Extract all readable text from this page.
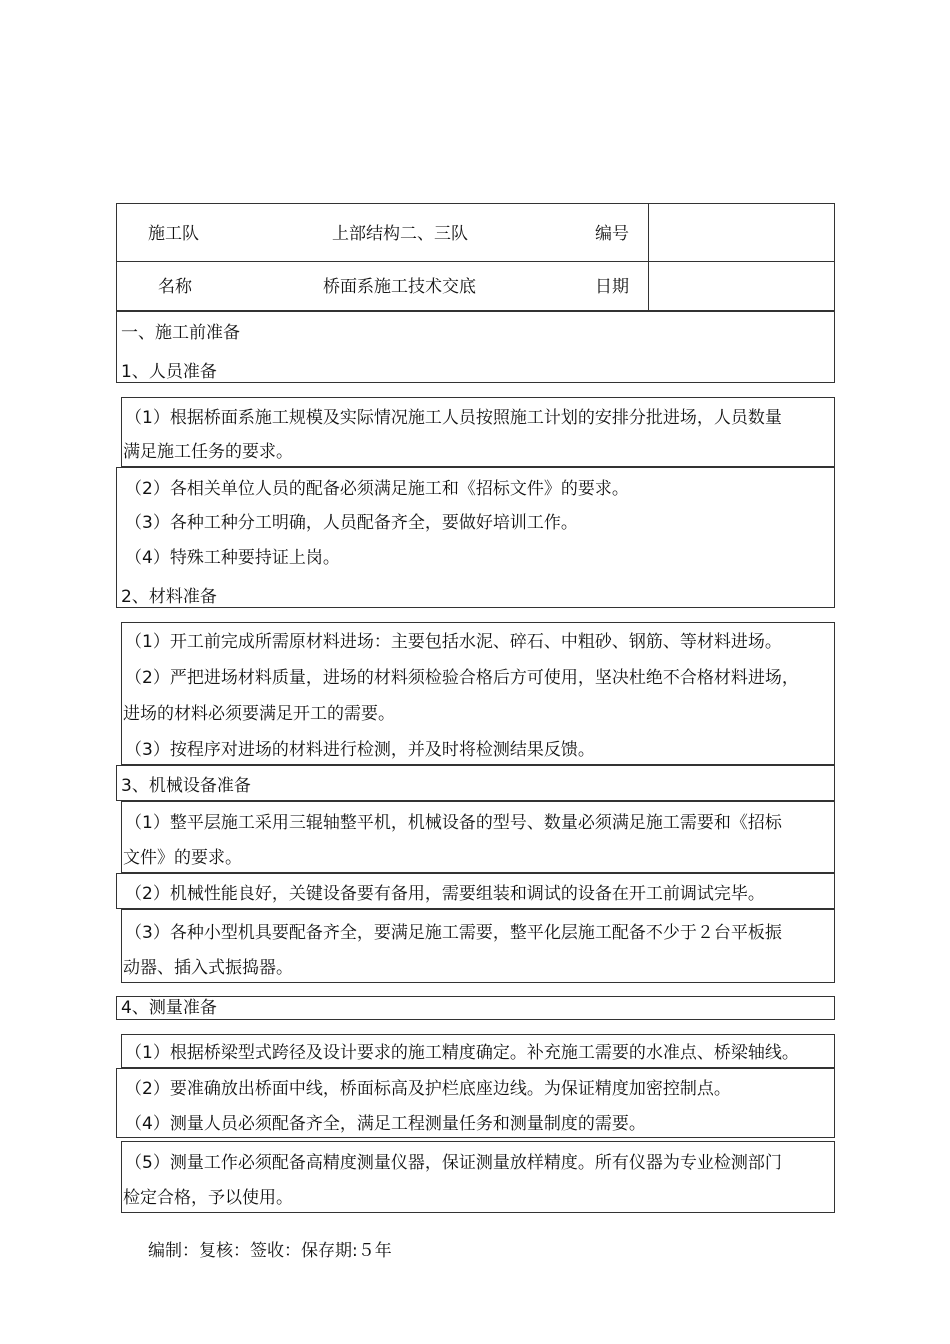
施工队	上部结构二、三队	编号
名称	桥面系施工技术交底	日期
一、施工前准备
1、人员准备
（1）根据桥面系施工规模及实际情况施工人员按照施工计划的安排分批进场，人员数量
满足施工任务的要求。
（2）各相关单位人员的配备必须满足施工和《招标文件》的要求。
（3）各种工种分工明确，人员配备齐全，要做好培训工作。
（4）特殊工种要持证上岗。
2、材料准备
（1）开工前完成所需原材料进场：主要包括水泥、碎石、中粗砂、钢筋、等材料进场。
（2）严把进场材料质量，进场的材料须检验合格后方可使用，坚决杜绝不合格材料进场，
进场的材料必须要满足开工的需要。
（3）按程序对进场的材料进行检测，并及时将检测结果反馈。
3、机械设备准备
（1）整平层施工采用三辊轴整平机，机械设备的型号、数量必须满足施工需要和《招标
文件》的要求。
（2）机械性能良好，关键设备要有备用，需要组装和调试的设备在开工前调试完毕。
（3）各种小型机具要配备齐全，要满足施工需要，整平化层施工配备不少于２台平板振
动器、插入式振捣器。
4、测量准备
（1）根据桥梁型式跨径及设计要求的施工精度确定。补充施工需要的水准点、桥梁轴线。
（2）要准确放出桥面中线，桥面标高及护栏底座边线。为保证精度加密控制点。
（4）测量人员必须配备齐全，满足工程测量任务和测量制度的需要。
（5）测量工作必须配备高精度测量仪器，保证测量放样精度。所有仪器为专业检测部门
检定合格，予以使用。
编制：复核：签收：保存期:５年
